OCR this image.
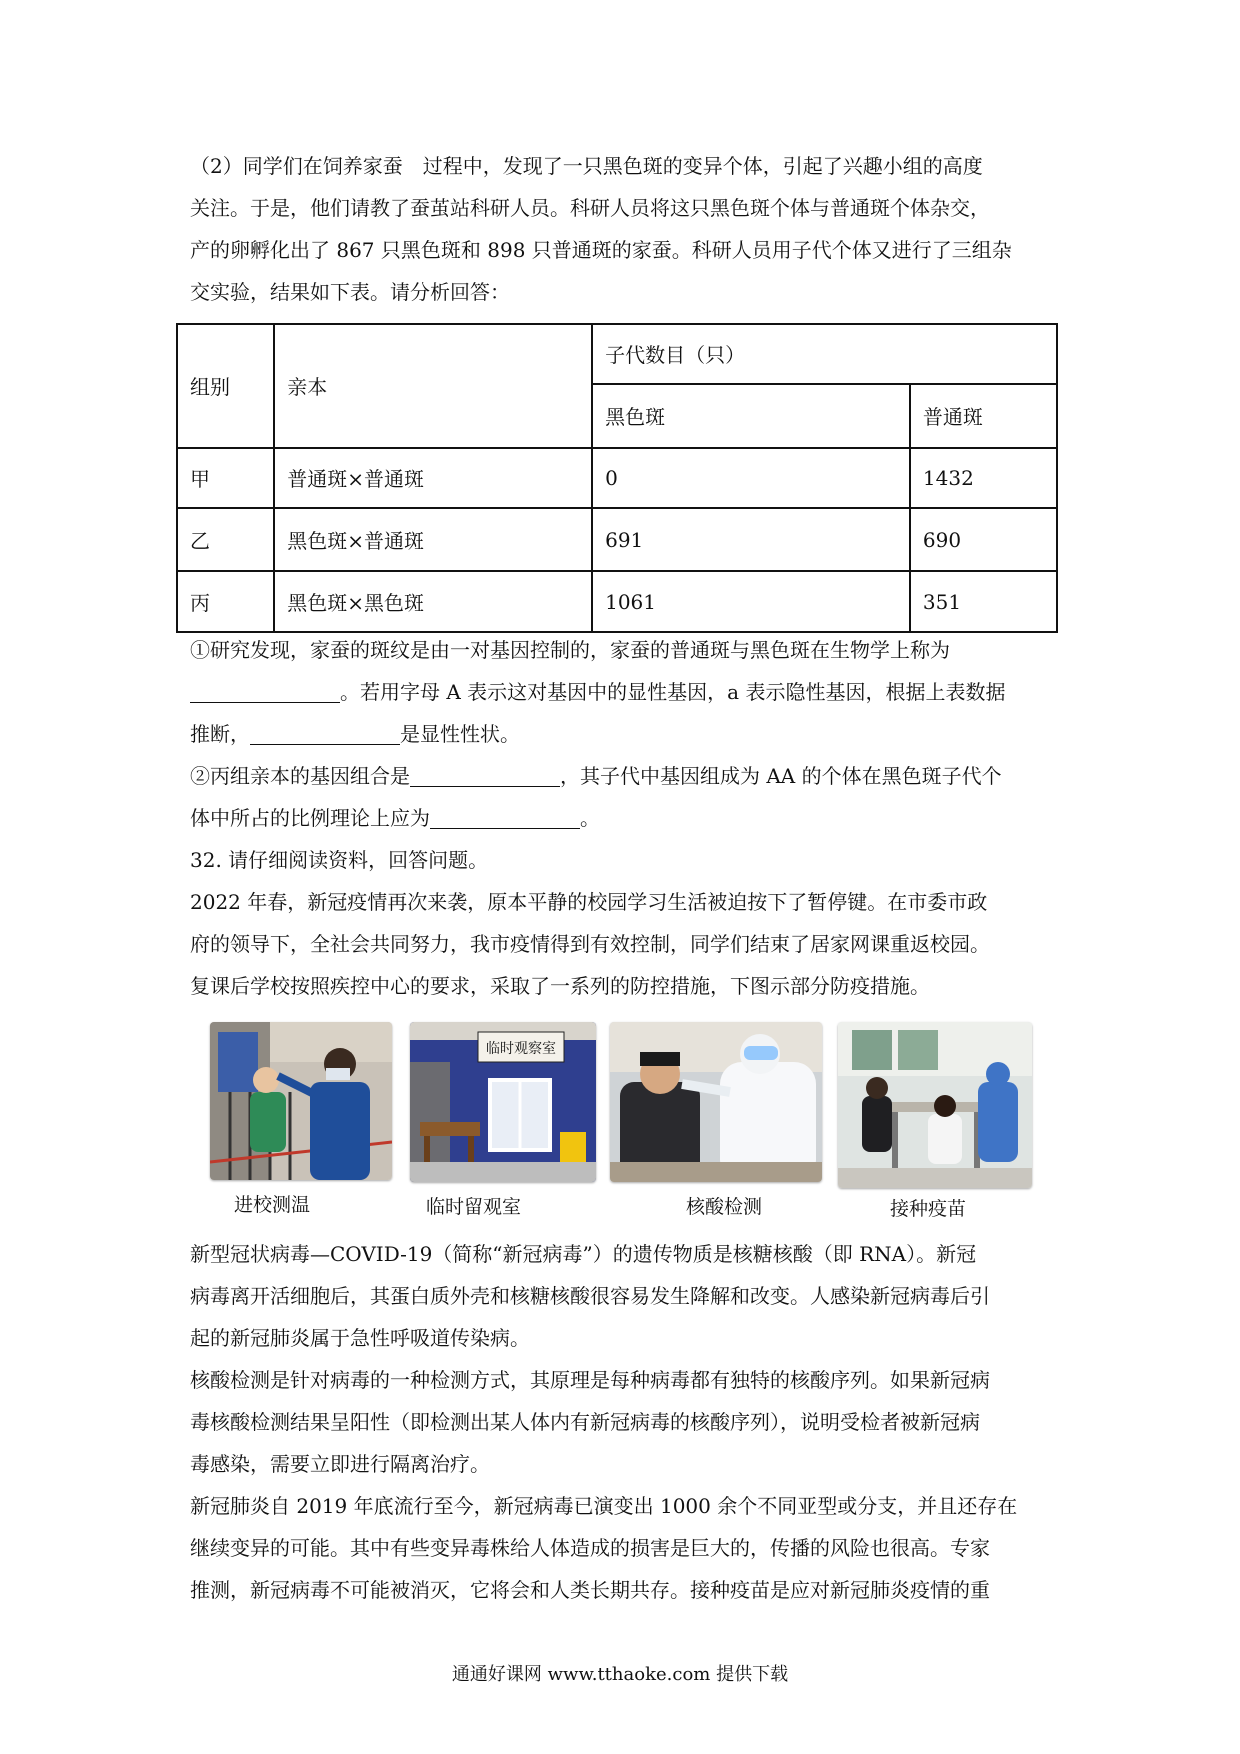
（2）同学们在饲养家蚕　过程中，发现了一只黑色斑的变异个体，引起了兴趣小组的高度
关注。于是，他们请教了蚕茧站科研人员。科研人员将这只黑色斑个体与普通斑个体杂交，
产的卵孵化出了 867 只黑色斑和 898 只普通斑的家蚕。科研人员用子代个体又进行了三组杂
交实验，结果如下表。请分析回答：
组别	亲本	子代数目（只）	
		黑色斑	普通斑
甲	普通斑×普通斑	0	1432
乙	黑色斑×普通斑	691	690
丙	黑色斑×黑色斑	1061	351
①研究发现，家蚕的斑纹是由一对基因控制的，家蚕的普通斑与黑色斑在生物学上称为
。若用字母 A 表示这对基因中的显性基因，a 表示隐性基因，根据上表数据
推断，	是显性性状。
②丙组亲本的基因组合是	，其子代中基因组成为 AA 的个体在黑色斑子代个
体中所占的比例理论上应为	。
32. 请仔细阅读资料，回答问题。
2022 年春，新冠疫情再次来袭，原本平静的校园学习生活被迫按下了暂停键。在市委市政
府的领导下，全社会共同努力，我市疫情得到有效控制，同学们结束了居家网课重返校园。
复课后学校按照疾控中心的要求，采取了一系列的防控措施，下图示部分防疫措施。
进校测温
临时观察室
临时留观室	核酸检测	接种疫苗
新型冠状病毒—COVID-19（简称“新冠病毒”）的遗传物质是核糖核酸（即 RNA）。新冠
病毒离开活细胞后，其蛋白质外壳和核糖核酸很容易发生降解和改变。人感染新冠病毒后引
起的新冠肺炎属于急性呼吸道传染病。
核酸检测是针对病毒的一种检测方式，其原理是每种病毒都有独特的核酸序列。如果新冠病
毒核酸检测结果呈阳性（即检测出某人体内有新冠病毒的核酸序列），说明受检者被新冠病
毒感染，需要立即进行隔离治疗。
新冠肺炎自 2019 年底流行至今，新冠病毒已演变出 1000 余个不同亚型或分支，并且还存在
继续变异的可能。其中有些变异毒株给人体造成的损害是巨大的，传播的风险也很高。专家
推测，新冠病毒不可能被消灭，它将会和人类长期共存。接种疫苗是应对新冠肺炎疫情的重
通通好课网 www.tthaoke.com 提供下载
